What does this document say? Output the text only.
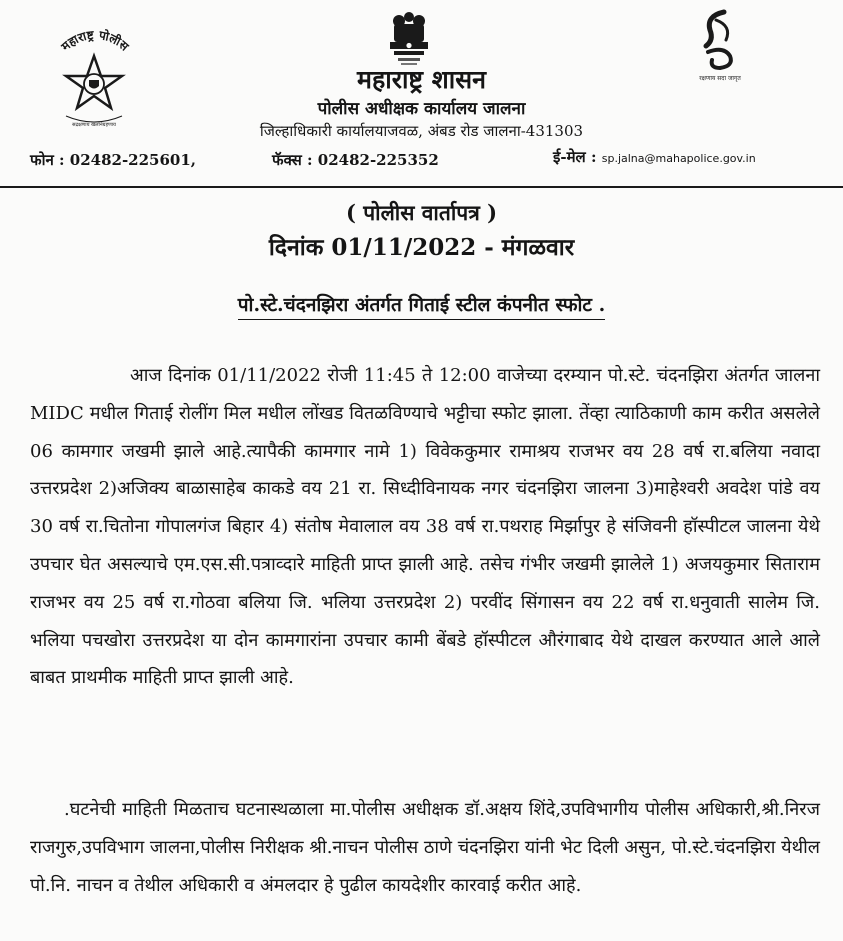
महाराष्ट्र पोलीस
सद्रक्षणाय खलनिग्रहणाय
रक्षणाय सदा जागृत
महाराष्ट्र शासन
पोलीस अधीक्षक कार्यालय जालना
जिल्हाधिकारी कार्यालयाजवळ, अंबड रोड जालना-431303
फोन : 02482-225601,	फॅक्स : 02482-225352	ई-मेल : sp.jalna@mahapolice.gov.in
( पोलीस वार्तापत्र )
दिनांक 01/11/2022 - मंगळवार
पो.स्टे.चंदनझिरा अंतर्गत गिताई स्टील कंपनीत स्फोट .
आज दिनांक 01/11/2022 रोजी 11:45 ते 12:00 वाजेच्या दरम्यान पो.स्टे. चंदनझिरा अंतर्गत जालना MIDC मधील गिताई रोलींग मिल मधील लोंखड वितळविण्याचे भट्टीचा स्फोट झाला. तेंव्हा त्याठिकाणी काम करीत असलेले 06 कामगार जखमी झाले आहे.त्यापैकी कामगार नामे 1) विवेककुमार रामाश्रय राजभर वय 28 वर्ष रा.बलिया नवादा उत्तरप्रदेश 2)अजिक्य बाळासाहेब काकडे वय 21 रा. सिध्दीविनायक नगर चंदनझिरा जालना 3)माहेश्वरी अवदेश पांडे वय 30 वर्ष रा.चितोना गोपालगंज बिहार 4) संतोष मेवालाल वय 38 वर्ष रा.पथराह मिर्झापुर हे संजिवनी हॉस्पीटल जालना येथे उपचार घेत असल्याचे एम.एस.सी.पत्राव्दारे माहिती प्राप्त झाली आहे. तसेच गंभीर जखमी झालेले 1) अजयकुमार सिताराम राजभर वय 25 वर्ष रा.गोठवा बलिया जि. भलिया उत्तरप्रदेश 2) परवींद सिंगासन वय 22 वर्ष रा.धनुवाती सालेम जि. भलिया पचखोरा उत्तरप्रदेश या दोन कामगारांना उपचार कामी बेंबडे हॉस्पीटल औरंगाबाद येथे दाखल करण्यात आले आले बाबत प्राथमीक माहिती प्राप्त झाली आहे.
.घटनेची माहिती मिळताच घटनास्थळाला मा.पोलीस अधीक्षक डॉ.अक्षय शिंदे,उपविभागीय पोलीस अधिकारी,श्री.निरज राजगुरु,उपविभाग जालना,पोलीस निरीक्षक श्री.नाचन पोलीस ठाणे चंदनझिरा यांनी भेट दिली असुन, पो.स्टे.चंदनझिरा येथील पो.नि. नाचन व तेथील अधिकारी व अंमलदार हे पुढील कायदेशीर कारवाई करीत आहे.
